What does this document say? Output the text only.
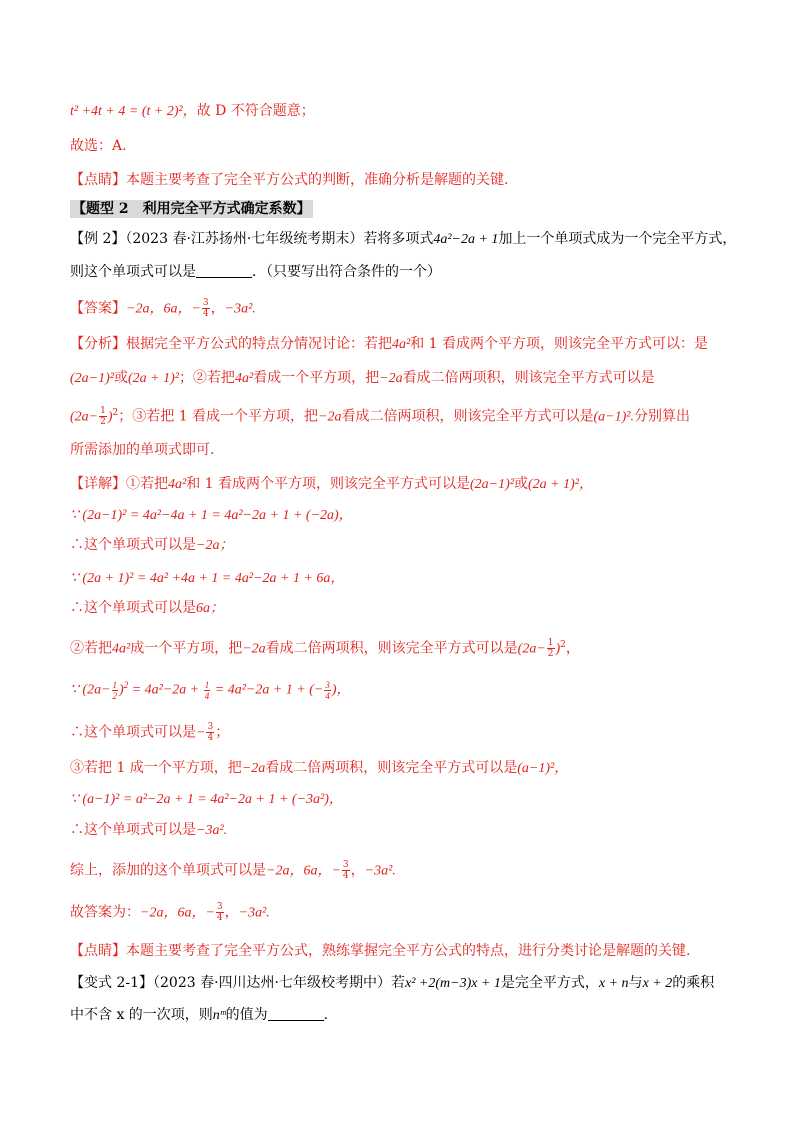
t² +4t + 4 = (t + 2)²，故 D 不符合题意；
故选：A.
【点睛】本题主要考查了完全平方公式的判断，准确分析是解题的关键.
【题型 2　利用完全平方式确定系数】
【例 2】（2023 春·江苏扬州·七年级统考期末）若将多项式4a²−2a + 1加上一个单项式成为一个完全平方式，
则这个单项式可以是	．（只要写出符合条件的一个）
【答案】−2a，6a，− $\frac{3}{4}$ ，−3a².
【分析】根据完全平方公式的特点分情况讨论：若把4a²和 1 看成两个平方项，则该完全平方式可以：是
(2a−1)²或(2a + 1)²；②若把4a²看成一个平方项，把−2a看成二倍两项积，则该完全平方式可以是
$(2a- \frac{1}{2} )^2$；③若把 1 看成一个平方项，把−2a看成二倍两项积，则该完全平方式可以是(a−1)².分别算出
所需添加的单项式即可.
【详解】①若把4a²和 1 看成两个平方项，则该完全平方式可以是(2a−1)²或(2a + 1)²，
∵ (2a−1)² = 4a²−4a + 1 = 4a²−2a + 1 + (−2a)，
∴这个单项式可以是−2a；
∵ (2a + 1)² = 4a² +4a + 1 = 4a²−2a + 1 + 6a，
∴这个单项式可以是6a；
②若把4a²成一个平方项，把−2a看成二倍两项积，则该完全平方式可以是$(2a- \frac{1}{2} )^2$，
∵ $(2a- \frac{1}{2} )^2 = 4a^2-2a + \frac{1}{4} = 4a^2-2a + 1$ + (− $\frac{3}{4}$ )，
∴这个单项式可以是− $\frac{3}{4}$ ；
③若把 1 成一个平方项，把−2a看成二倍两项积，则该完全平方式可以是(a−1)²，
∵ (a−1)² = a²−2a + 1 = 4a²−2a + 1 + (−3a²)，
∴这个单项式可以是−3a².
综上，添加的这个单项式可以是−2a，6a，− $\frac{3}{4}$ ，−3a².
故答案为：−2a，6a，− $\frac{3}{4}$ ，−3a².
【点睛】本题主要考查了完全平方公式，熟练掌握完全平方公式的特点，进行分类讨论是解题的关键.
【变式 2-1】（2023 春·四川达州·七年级校考期中）若x² +2(m−3)x + 1是完全平方式，x + n与x + 2的乘积
中不含 x 的一次项，则nᵐ的值为	.
